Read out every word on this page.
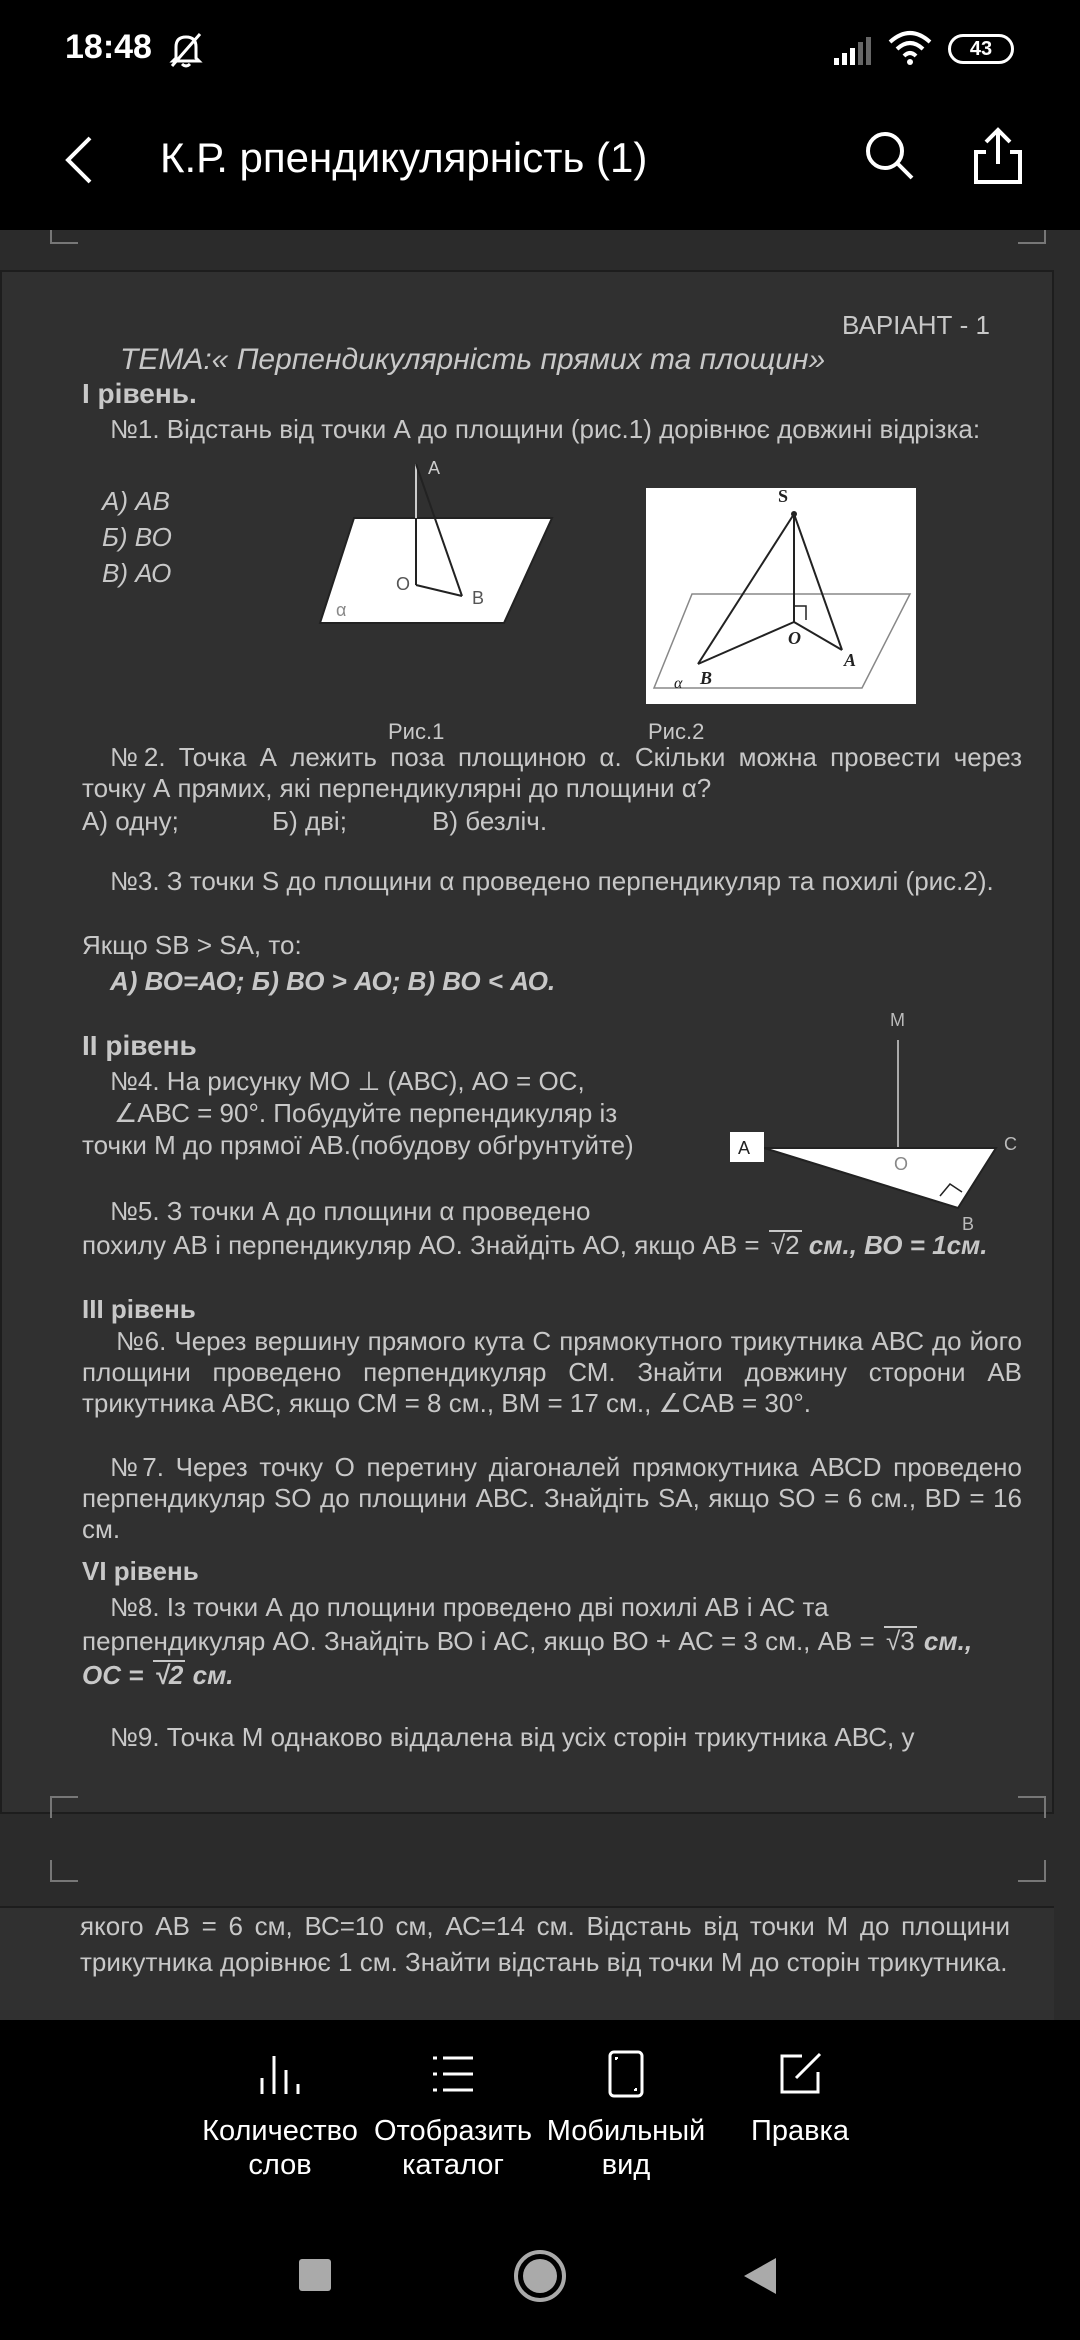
18:48	43
К.Р. рпендикулярність (1)
ВАРІАНТ - 1
ТЕМА:« Перпендикулярність прямих та площин»
І рівень.
№1. Відстань від точки А до площини (рис.1) дорівнює довжині відрізка:
А) АВ
Б) ВО
В) АО
A
O
B
α
S
O
A
B
α
Рис.1	Рис.2
№2. Точка А лежить поза площиною α. Скільки можна провести через точку А прямих, які перпендикулярні до площини α?
А) одну;	Б) дві;	В) безліч.
№3. З точки S до площини α проведено перпендикуляр та похилі (рис.2).
Якщо SB > SA, то:
А) ВО=АО; Б) ВО > АО; В) ВО < АО.
ІІ рівень
№4. На рисунку МО ⊥ (АВС), АО = ОС,
∠АВС = 90°. Побудуйте перпендикуляр із
точки М до прямої АВ.(побудову обґрунтуйте)	A
M
C
O
B
№5. З точки А до площини α проведено
похилу АВ і перпендикуляр АО. Знайдіть АО, якщо АВ = √2 см., ВО = 1см.
ІІІ рівень
№6. Через вершину прямого кута С прямокутного трикутника АВС до його площини проведено перпендикуляр СМ. Знайти довжину сторони АВ трикутника АВС, якщо СМ = 8 см., ВМ = 17 см., ∠САВ = 30°.
№7. Через точку О перетину діагоналей прямокутника АВСD проведено перпендикуляр SO до площини АВС. Знайдіть SA, якщо SO = 6 см., BD = 16 см.
VІ рівень
№8. Із точки А до площини проведено дві похилі АВ і АС та
перпендикуляр АО. Знайдіть ВО і АС, якщо ВО + АС = 3 см., АВ = √3 см.,
ОС = √2 см.
№9. Точка М однаково віддалена від усіх сторін трикутника АВС, у
якого АВ = 6 см, ВС=10 см, АС=14 см. Відстань від точки М до площини трикутника дорівнює 1 см. Знайти відстань від точки М до сторін трикутника.
Количество
слов
Отобразить
каталог
Мобильный
вид
Правка
